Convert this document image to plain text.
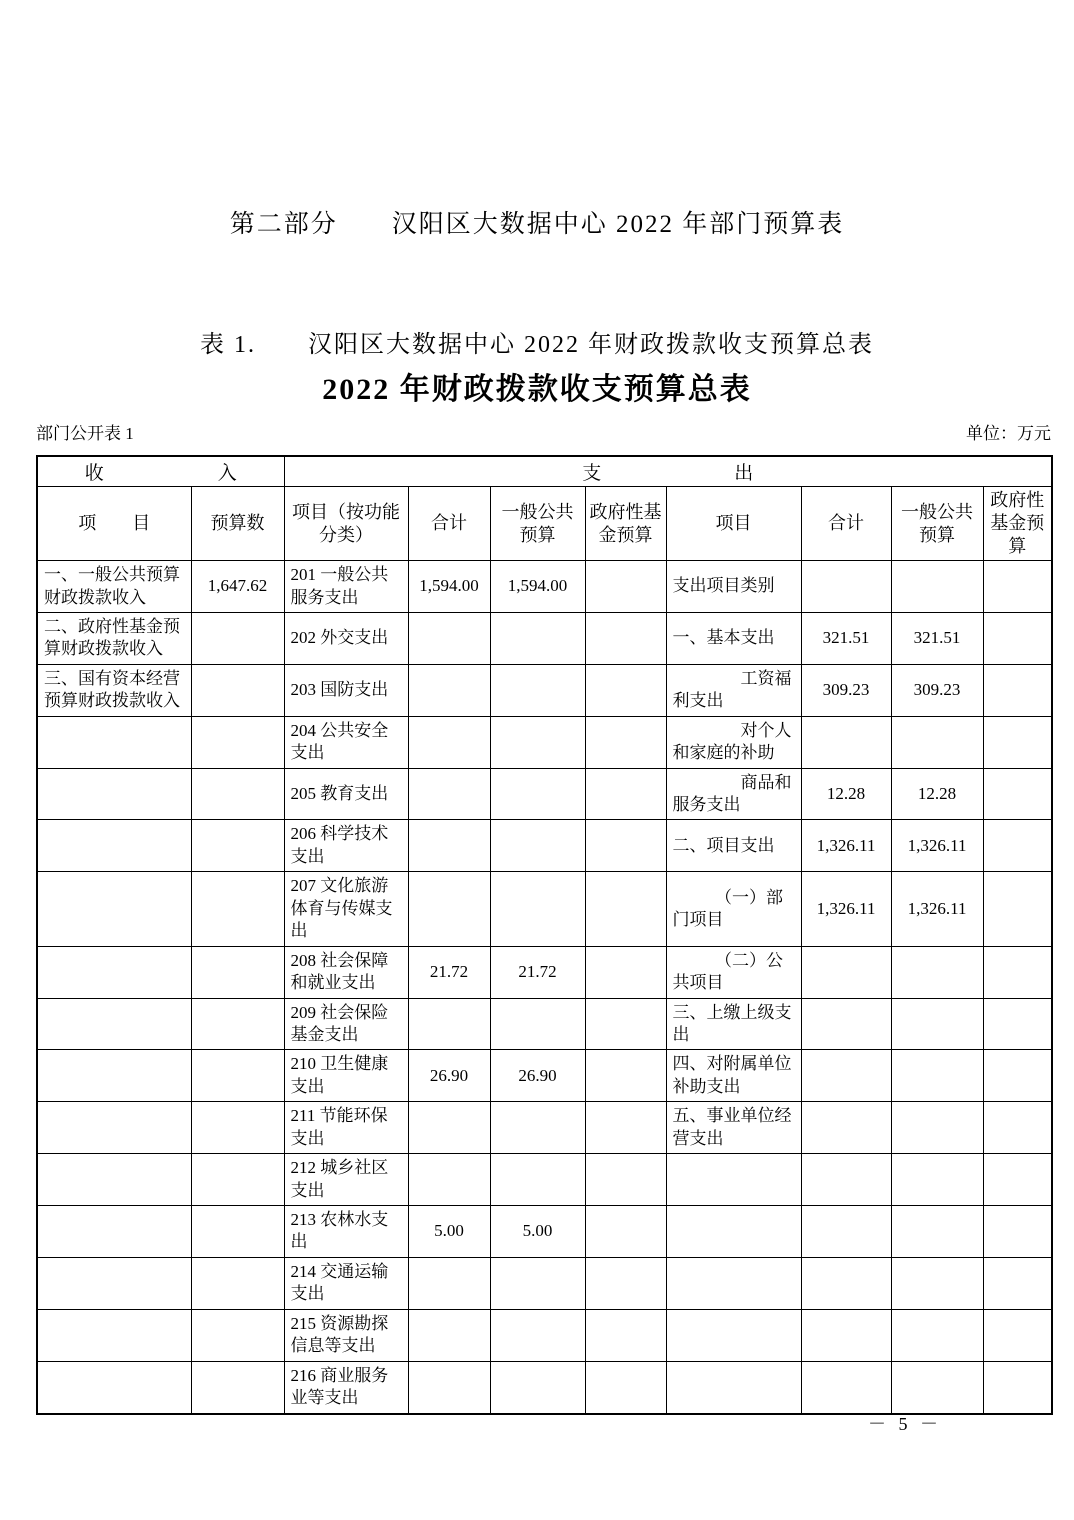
第二部分　　汉阳区大数据中心 2022 年部门预算表
表 1.　　汉阳区大数据中心 2022 年财政拨款收支预算总表
2022 年财政拨款收支预算总表
部门公开表 1	单位：万元
收　　　　　　入		支　　　　　　　出							
项　　目	预算数	项目（按功能分类）	合计	一般公共预算	政府性基金预算	项目	合计	一般公共预算	政府性基金预算
一、一般公共预算财政拨款收入	1,647.62	201 一般公共服务支出	1,594.00	1,594.00		支出项目类别			
二、政府性基金预算财政拨款收入		202 外交支出				一、基本支出	321.51	321.51	
三、国有资本经营预算财政拨款收入		203 国防支出				　　　　工资福利支出	309.23	309.23	
		204 公共安全支出				　　　　对个人和家庭的补助			
		205 教育支出				　　　　商品和服务支出	12.28	12.28	
		206 科学技术支出				二、项目支出	1,326.11	1,326.11	
		207 文化旅游体育与传媒支出				　　　（一）部门项目	1,326.11	1,326.11	
		208 社会保障和就业支出	21.72	21.72		　　　（二）公共项目			
		209 社会保险基金支出				三、上缴上级支出			
		210 卫生健康支出	26.90	26.90		四、对附属单位补助支出			
		211 节能环保支出				五、事业单位经营支出			
		212 城乡社区支出							
		213 农林水支出	5.00	5.00					
		214 交通运输支出							
		215 资源勘探信息等支出							
		216 商业服务业等支出							
－ 5 －
